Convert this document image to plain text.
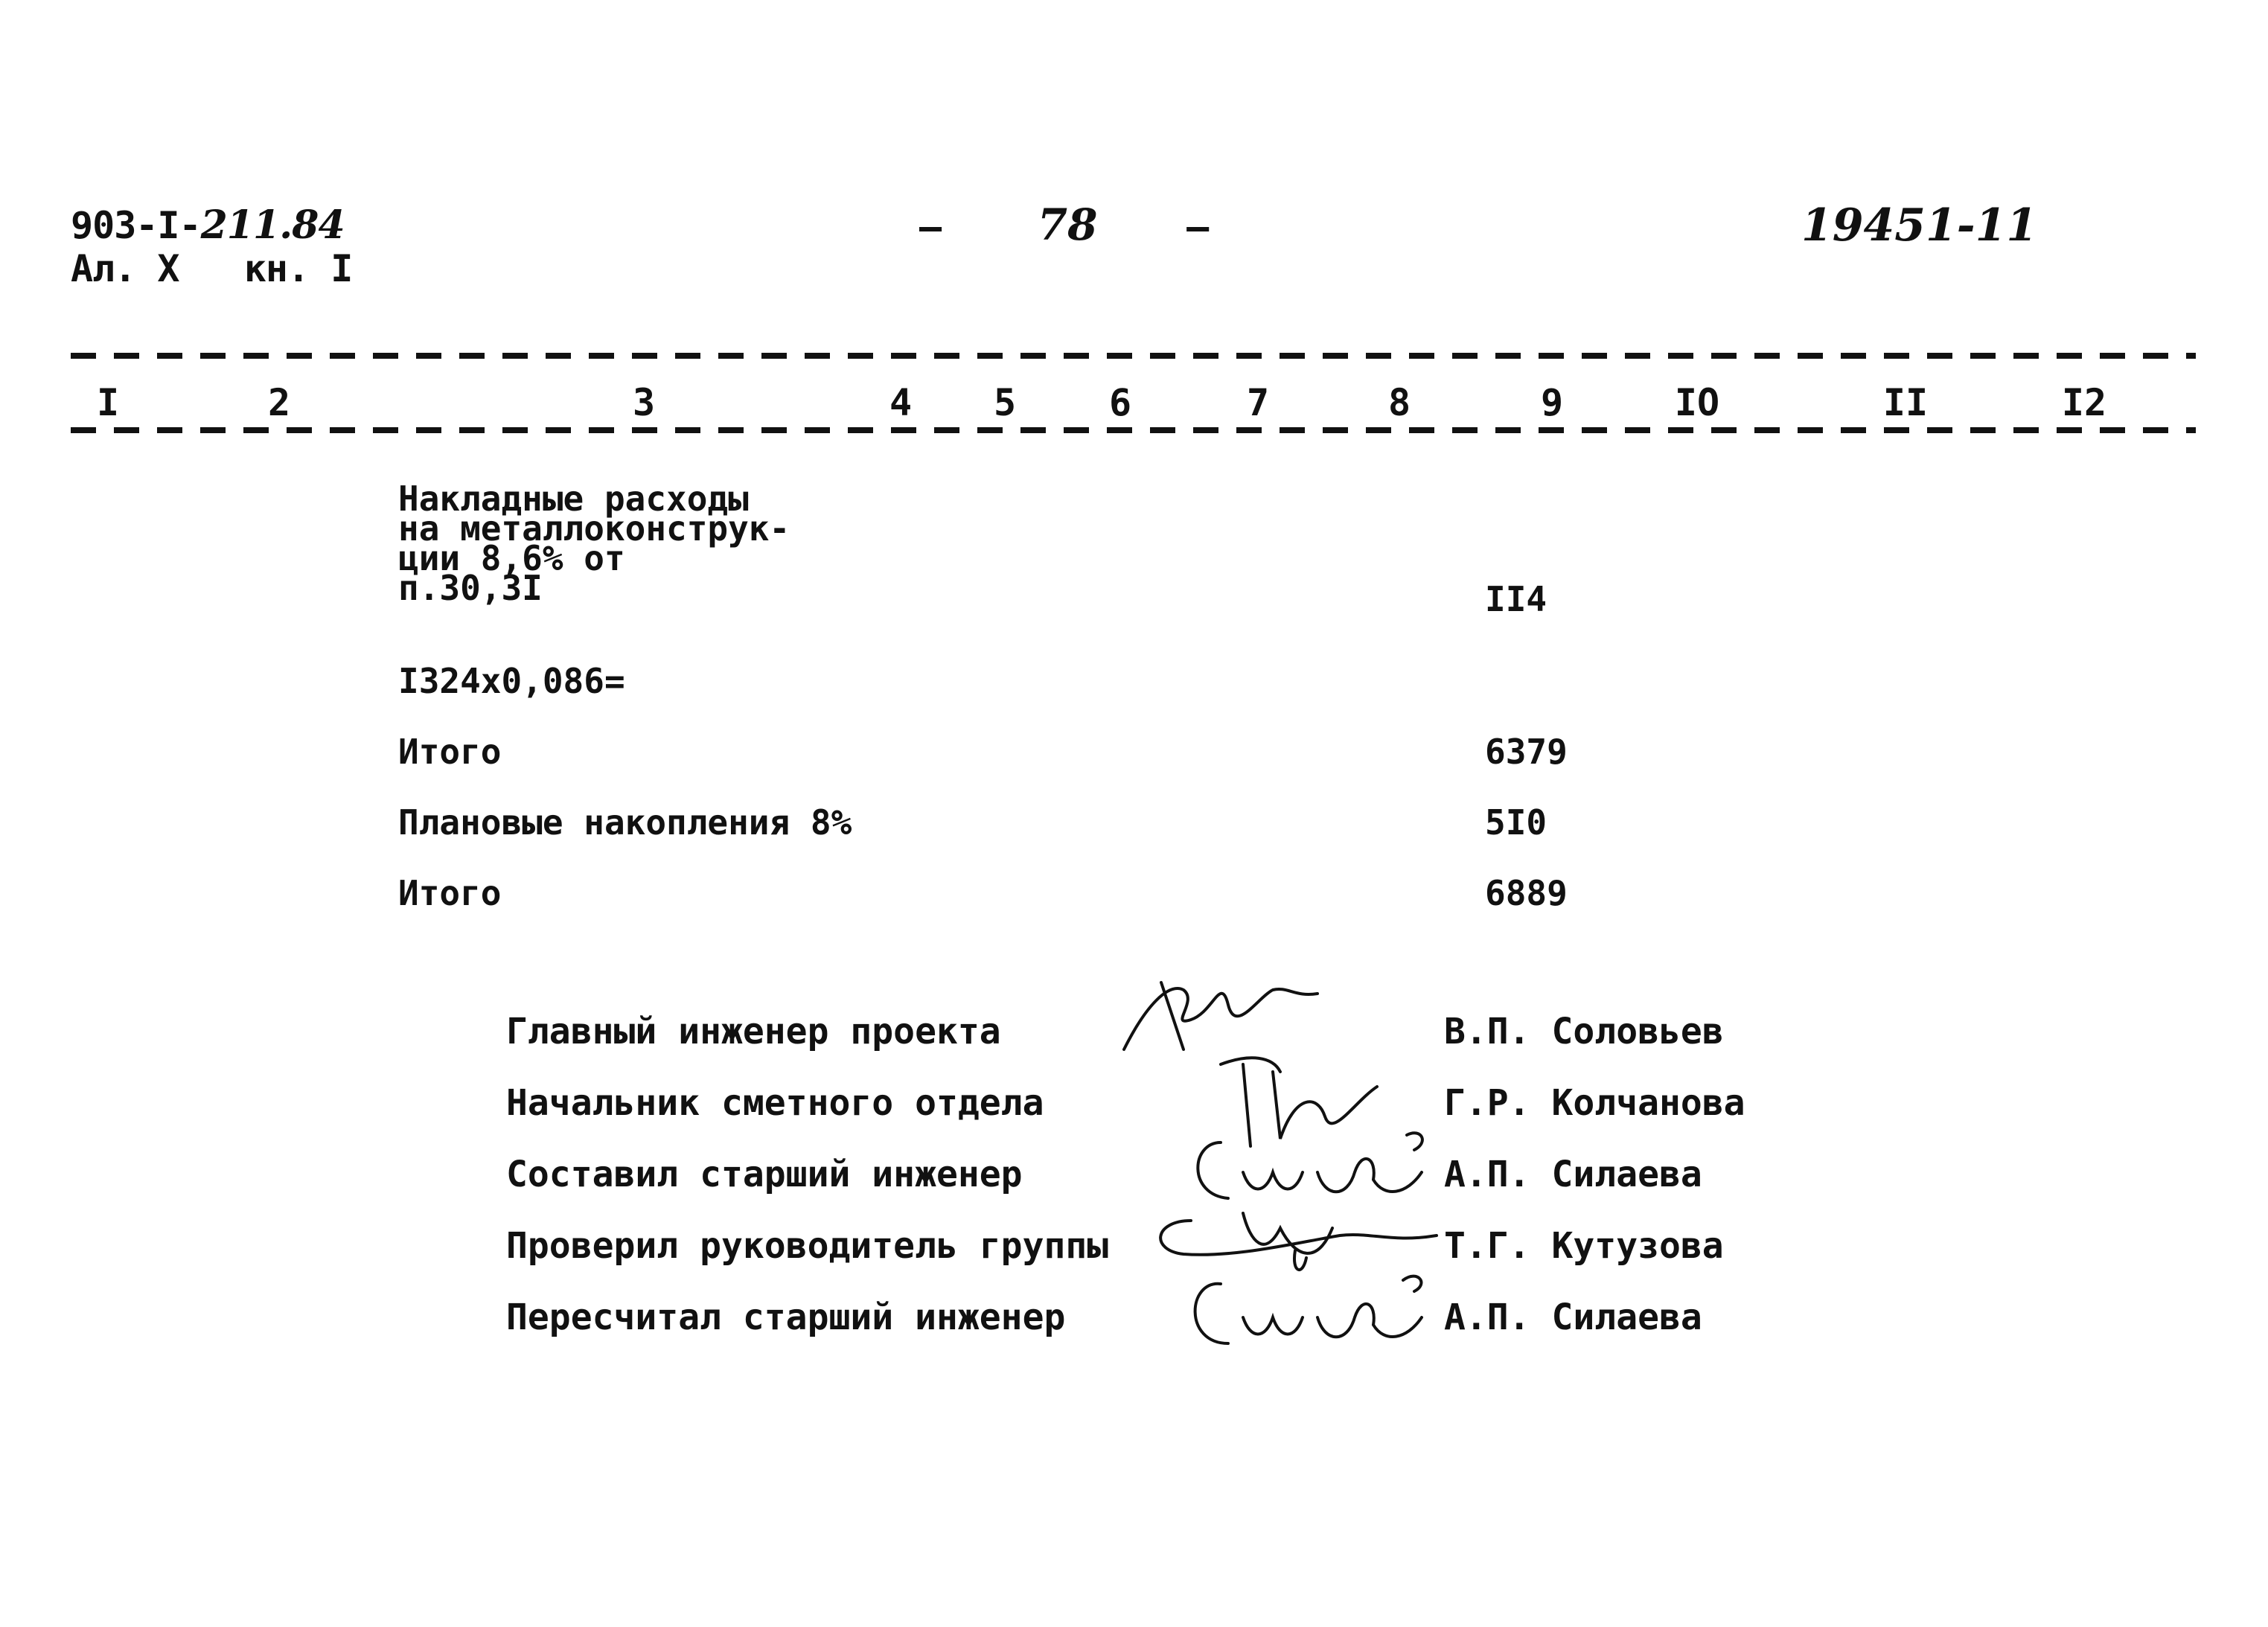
903-I-211.84
Ал. X   кн. I
– 78 –	19451-11
I	2	3	4	5	6	7	8	9	IO	II	I2
Накладные расходы
на металлоконструк-
ции 8,6% от
п.30,3I	II4
I324x0,086=
Итого	6379
Плановые накопления 8%	5I0
Итого	6889
Главный инженер проекта	В.П. Соловьев
Начальник сметного отдела	Г.Р. Колчанова
Составил старший инженер	А.П. Силаева
Проверил руководитель группы	Т.Г. Кутузова
Пересчитал старший инженер	А.П. Силаева
